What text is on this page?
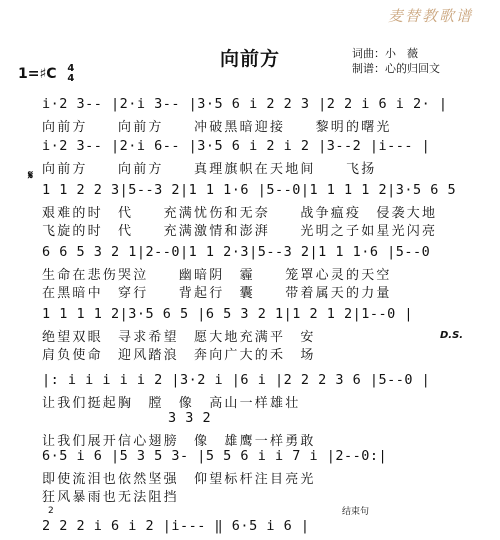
麦替教歌谱
向前方	词曲：小　薇
制谱：心的归回文
1=♯C 4
4
i·2 3-- |2·i 3-- |3·5 6 i 2 2 3 |2 2 i 6 i 2· |
向前方　　向前方　　冲破黑暗迎接　　黎明的曙光
i·2 3-- |2·i 6-- |3·5 6 i 2 i 2 |3--2 |i--- |
向前方　　向前方　　真理旗帜在天地间　　飞扬
𝄋
1 1 2 2 3|5--3 2|1 1 1·6 |5--0|1 1 1 1 2|3·5 6 5
艰难的时　代　　充满忧伤和无奈　　战争瘟疫　侵袭大地
飞旋的时　代　　充满激情和澎湃　　光明之子如星光闪亮
6 6 5 3 2 1|2--0|1 1 2·3|5--3 2|1 1 1·6 |5--0
生命在悲伤哭泣　　幽暗阴　霾　　笼罩心灵的天空
在黑暗中　穿行　　背起行　囊　　带着属天的力量
1 1 1 1 2|3·5 6 5 |6 5 3 2 1|1 2 1 2|1--0 |
绝望双眼　寻求希望　愿大地充满平　安
肩负使命　迎风踏浪　奔向广大的禾　场
D.S.
|: i i i i i 2 |3·2 i |6 i |2 2 2 3 6 |5--0 |
让我们挺起胸　膛　像　高山一样雄壮
3 3 2
让我们展开信心翅膀　像　雄鹰一样勇敢
6·5 i 6 |5 3 5 3- |5 5 6 i i 7 i |2--0:|
即使流泪也依然坚强　仰望标杆注目亮光
狂风暴雨也无法阻挡
2	结束句
2 2 2 i 6 i 2 |i--- ‖ 6·5 i 6 |
